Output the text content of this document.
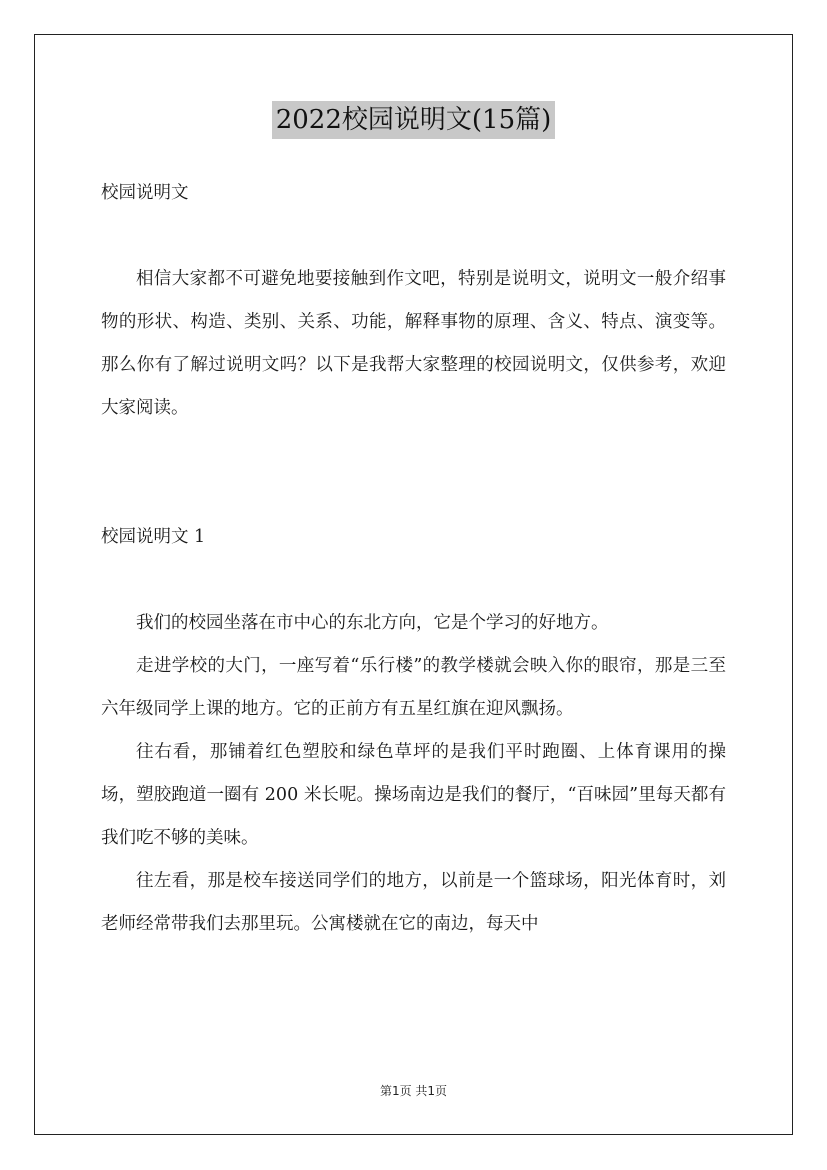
2022校园说明文(15篇)

校园说明文

相信大家都不可避免地要接触到作文吧，特别是说明文，说明文一般介绍事物的形状、构造、类别、关系、功能，解释事物的原理、含义、特点、演变等。那么你有了解过说明文吗？以下是我帮大家整理的校园说明文，仅供参考，欢迎大家阅读。

校园说明文 1

我们的校园坐落在市中心的东北方向，它是个学习的好地方。

走进学校的大门，一座写着“乐行楼”的教学楼就会映入你的眼帘，那是三至六年级同学上课的地方。它的正前方有五星红旗在迎风飘扬。

往右看，那铺着红色塑胶和绿色草坪的是我们平时跑圈、上体育课用的操场，塑胶跑道一圈有 200 米长呢。操场南边是我们的餐厅，“百味园”里每天都有我们吃不够的美味。

往左看，那是校车接送同学们的地方，以前是一个篮球场，阳光体育时，刘老师经常带我们去那里玩。公寓楼就在它的南边，每天中

第1页 共1页
